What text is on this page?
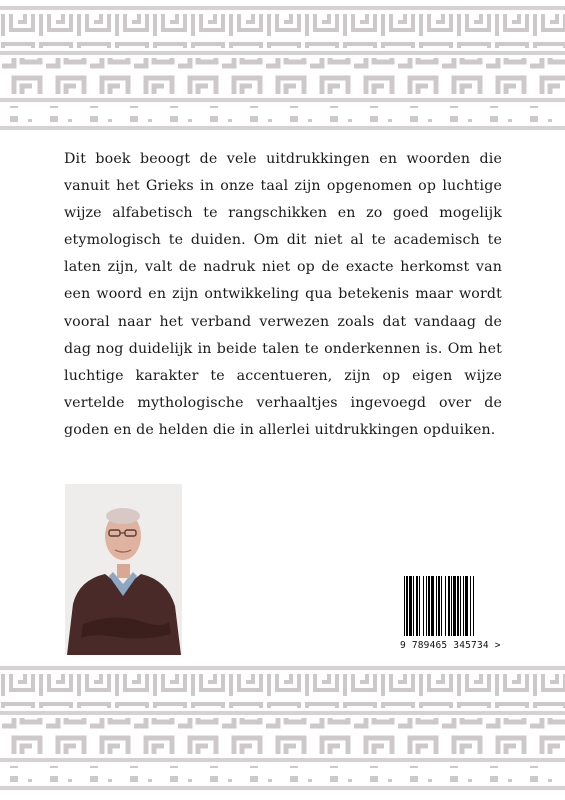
Dit boek beoogt de vele uitdrukkingen en woorden die vanuit het Grieks in onze taal zijn opgenomen op luchtige wijze alfabetisch te rangschikken en zo goed mogelijk etymologisch te duiden. Om dit niet al te academisch te laten zijn, valt de nadruk niet op de exacte herkomst van een woord en zijn ontwikkeling qua betekenis maar wordt vooral naar het verband verwezen zoals dat vandaag de dag nog duidelijk in beide talen te onderkennen is. Om het luchtige karakter te accentueren, zijn op eigen wijze vertelde mythologische verhaaltjes ingevoegd over de goden en de helden die in allerlei uitdrukkingen opduiken.

9 789465 345734 >
